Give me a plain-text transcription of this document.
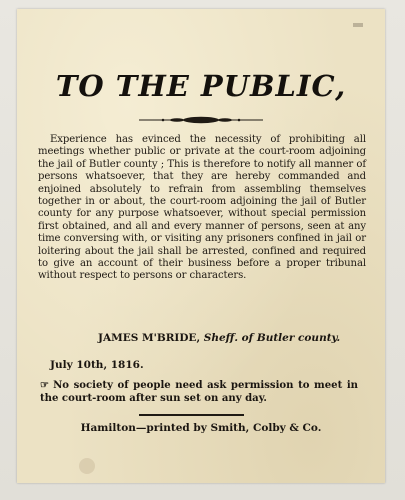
TO THE PUBLIC,

Experience has evinced the necessity of prohibiting all meetings whether public or private at the court-room adjoining the jail of Butler county ; This is therefore to notify all manner of persons whatsoever, that they are hereby commanded and enjoined absolutely to refrain from assembling themselves together in or about, the court-room adjoining the jail of Butler county for any purpose whatsoever, without special permission first obtained, and all and every manner of persons, seen at any time conversing with, or visiting any prisoners confined in jail or loitering about the jail shall be arrested, confined and required to give an account of their business before a proper tribunal without respect to persons or characters.

JAMES M'BRIDE, Sheff. of Butler county.

July 10th, 1816.

☞ No society of people need ask permission to meet in the court-room after sun set on any day.

Hamilton—printed by Smith, Colby & Co.
